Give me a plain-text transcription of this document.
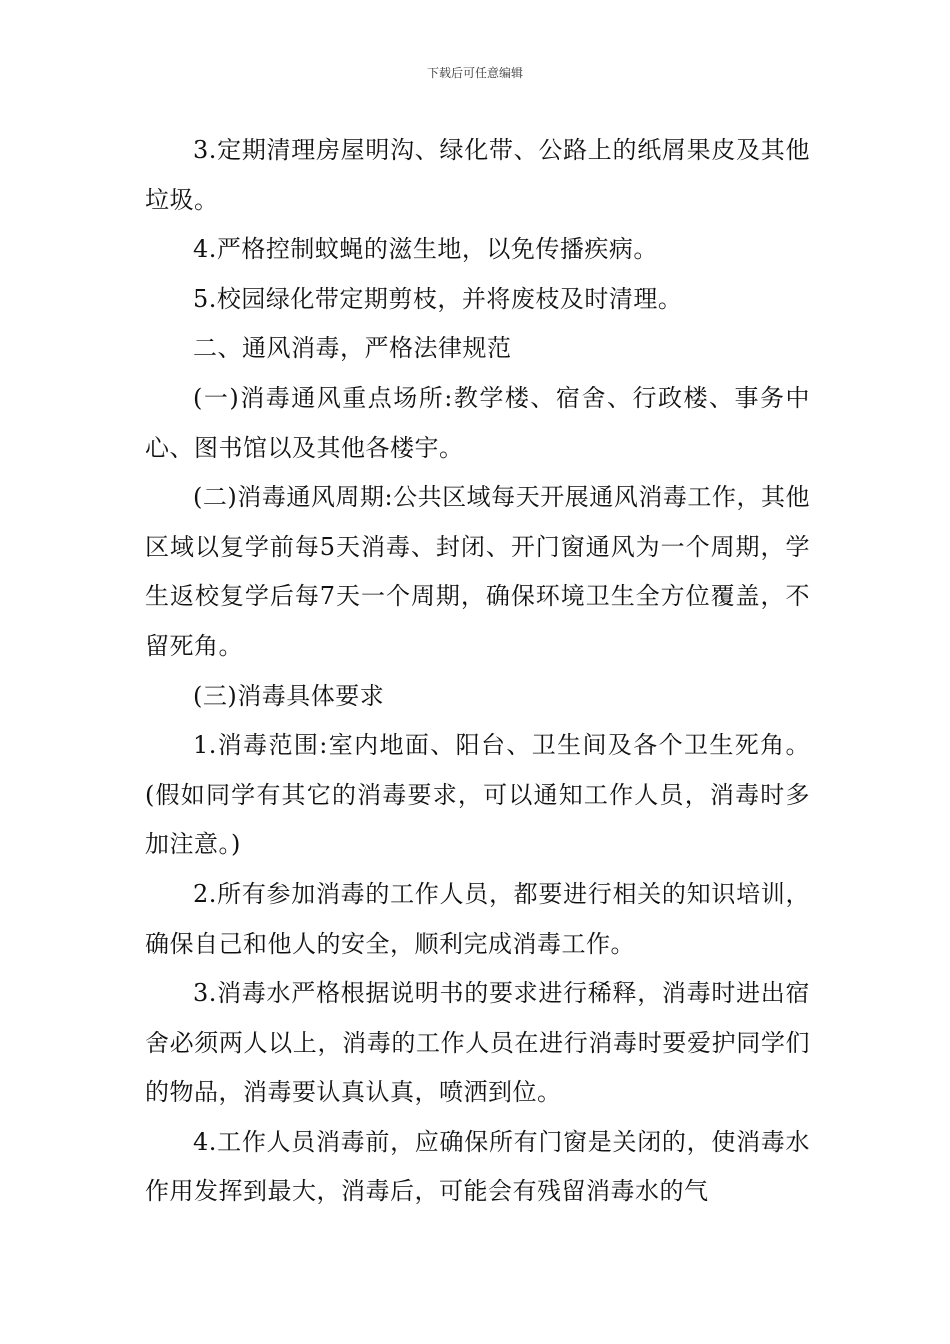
下载后可任意编辑

3.定期清理房屋明沟、绿化带、公路上的纸屑果皮及其他垃圾。

4.严格控制蚊蝇的滋生地，以免传播疾病。

5.校园绿化带定期剪枝，并将废枝及时清理。

二、通风消毒，严格法律规范

(一)消毒通风重点场所:教学楼、宿舍、行政楼、事务中心、图书馆以及其他各楼宇。

(二)消毒通风周期:公共区域每天开展通风消毒工作，其他区域以复学前每5天消毒、封闭、开门窗通风为一个周期，学生返校复学后每7天一个周期，确保环境卫生全方位覆盖，不留死角。

(三)消毒具体要求

1.消毒范围:室内地面、阳台、卫生间及各个卫生死角。(假如同学有其它的消毒要求，可以通知工作人员，消毒时多加注意。)

2.所有参加消毒的工作人员，都要进行相关的知识培训，确保自己和他人的安全，顺利完成消毒工作。

3.消毒水严格根据说明书的要求进行稀释，消毒时进出宿舍必须两人以上，消毒的工作人员在进行消毒时要爱护同学们的物品，消毒要认真认真，喷洒到位。

4.工作人员消毒前，应确保所有门窗是关闭的，使消毒水作用发挥到最大，消毒后，可能会有残留消毒水的气
